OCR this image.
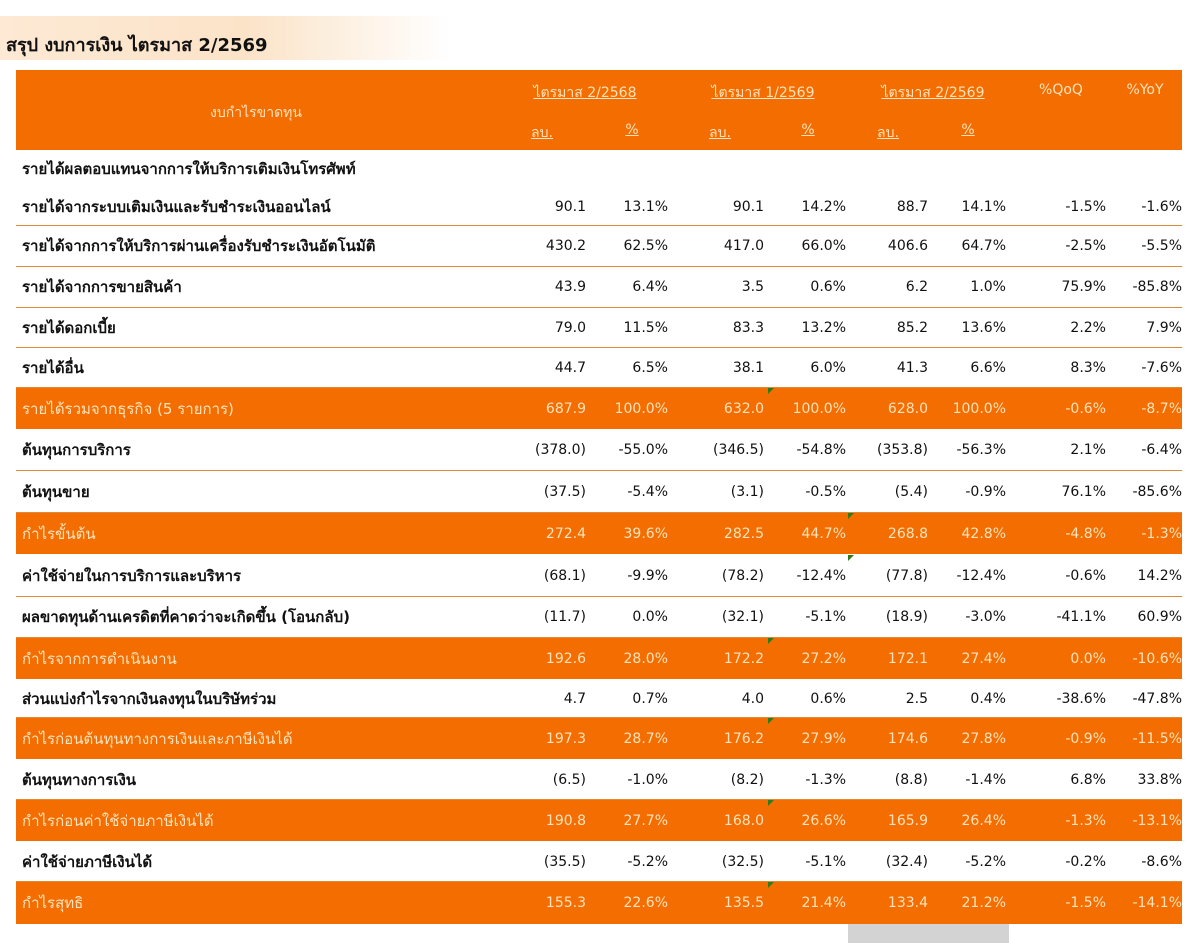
สรุป งบการเงิน ไตรมาส 2/2569
งบกำไรขาดทุน
ไตรมาส 2/2568	ไตรมาส 1/2569	ไตรมาส 2/2569	%QoQ	%YoY
ลบ.	%	ลบ.	%	ลบ.	%
รายได้ผลตอบแทนจากการให้บริการเติมเงินโทรศัพท์
รายได้จากระบบเติมเงินและรับชำระเงินออนไลน์	90.1	13.1%	90.1	14.2%	88.7 14.1%	-1.5%	-1.6%
รายได้จากการให้บริการผ่านเครื่องรับชำระเงินอัตโนมัติ	430.2	62.5%	417.0	66.0%	406.6 64.7%	-2.5%	-5.5%
รายได้จากการขายสินค้า	43.9	6.4%	3.5	0.6%	6.2	1.0%	75.9% -85.8%
รายได้ดอกเบี้ย	79.0	11.5%	83.3	13.2%	85.2 13.6%	2.2%	7.9%
รายได้อื่น	44.7	6.5%	38.1	6.0%	41.3	6.6%	8.3%	-7.6%
รายได้รวมจากธุรกิจ (5 รายการ)	687.9 100.0%	632.0 100.0%	628.0 100.0%	-0.6%	-8.7%
ต้นทุนการบริการ	(378.0) -55.0%	(346.5) -54.8% (353.8) -56.3%	2.1%	-6.4%
ต้นทุนขาย	(37.5)	-5.4%	(3.1)	-0.5%	(5.4)	-0.9%	76.1% -85.6%
กำไรขั้นต้น	272.4	39.6%	282.5	44.7%	268.8 42.8%	-4.8%	-1.3%
ค่าใช้จ่ายในการบริการและบริหาร	(68.1)	-9.9%	(78.2) -12.4%	(77.8) -12.4%	-0.6% 14.2%
ผลขาดทุนด้านเครดิตที่คาดว่าจะเกิดขึ้น (โอนกลับ)	(11.7)	0.0%	(32.1)	-5.1%	(18.9)	-3.0%	-41.1% 60.9%
กำไรจากการดำเนินงาน	192.6	28.0%	172.2	27.2%	172.1 27.4%	0.0% -10.6%
ส่วนแบ่งกำไรจากเงินลงทุนในบริษัทร่วม	4.7	0.7%	4.0	0.6%	2.5	0.4%	-38.6% -47.8%
กำไรก่อนต้นทุนทางการเงินและภาษีเงินได้	197.3	28.7%	176.2	27.9%	174.6 27.8%	-0.9% -11.5%
ต้นทุนทางการเงิน	(6.5)	-1.0%	(8.2)	-1.3%	(8.8)	-1.4%	6.8% 33.8%
กำไรก่อนค่าใช้จ่ายภาษีเงินได้	190.8	27.7%	168.0	26.6%	165.9 26.4%	-1.3% -13.1%
ค่าใช้จ่ายภาษีเงินได้	(35.5)	-5.2%	(32.5)	-5.1%	(32.4)	-5.2%	-0.2%	-8.6%
กำไรสุทธิ	155.3	22.6%	135.5	21.4%	133.4 21.2%	-1.5% -14.1%
